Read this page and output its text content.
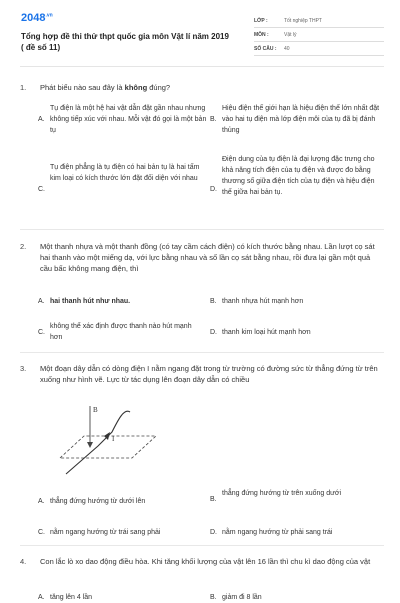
$2048^{.vn}$
Tổng hợp đề thi thử thpt quốc gia môn Vật lí năm 2019 ( đề số 11)
LỚP :	Tốt nghiệp THPT
MÔN :	Vật lý
SỐ CÂU :	40
1.	Phát biểu nào sau đây là không đúng?
A.
Tụ điện là một hệ hai vật dẫn đặt gần nhau nhưng không tiếp xúc với nhau. Mỗi vật đó gọi là một bản tụ
B.
Hiệu điện thế giới hạn là hiệu điện thế lớn nhất đặt vào hai tụ điện mà lớp điện môi của tụ đã bị đánh thủng
C.
Tụ điện phẳng là tụ điện có hai bản tụ là hai tấm kim loại có kích thước lớn đặt đối diện với nhau
D.
Điện dung của tụ điện là đại lượng đặc trưng cho khả năng tích điện của tụ điện và được đo bằng thương số giữa điện tích của tụ điện và hiệu điện thế giữa hai bản tụ.
2.	Một thanh nhựa và một thanh đồng (có tay cầm cách điện) có kích thước bằng nhau. Lần lượt cọ sát hai thanh vào một miếng dạ, với lực bằng nhau và số lần cọ sát bằng nhau, rồi đưa lại gần một quả cầu bấc không mang điện, thì
A. hai thanh hút như nhau.	B. thanh nhựa hút mạnh hơn
C.
không thể xác định được thanh nào hút mạnh hơn
D. thanh kim loại hút mạnh hơn
3.	Một đoạn dây dẫn có dòng điện I nằm ngang đặt trong từ trường có đường sức từ thẳng đứng từ trên xuống như hình vẽ. Lực từ tác dụng lên đoạn dây dẫn có chiều
B
I
A. thẳng đứng hướng từ dưới lên	B.
thẳng đứng hướng từ trên xuống dưới
C. nằm ngang hướng từ trái sang phải	D. nằm ngang hướng từ phải sang trái
4.	Con lắc lò xo dao động điều hòa. Khi tăng khối lượng của vật lên 16 lần thì chu kì dao động của vật
A. tăng lên 4 lần	B. giảm đi 8 lần
